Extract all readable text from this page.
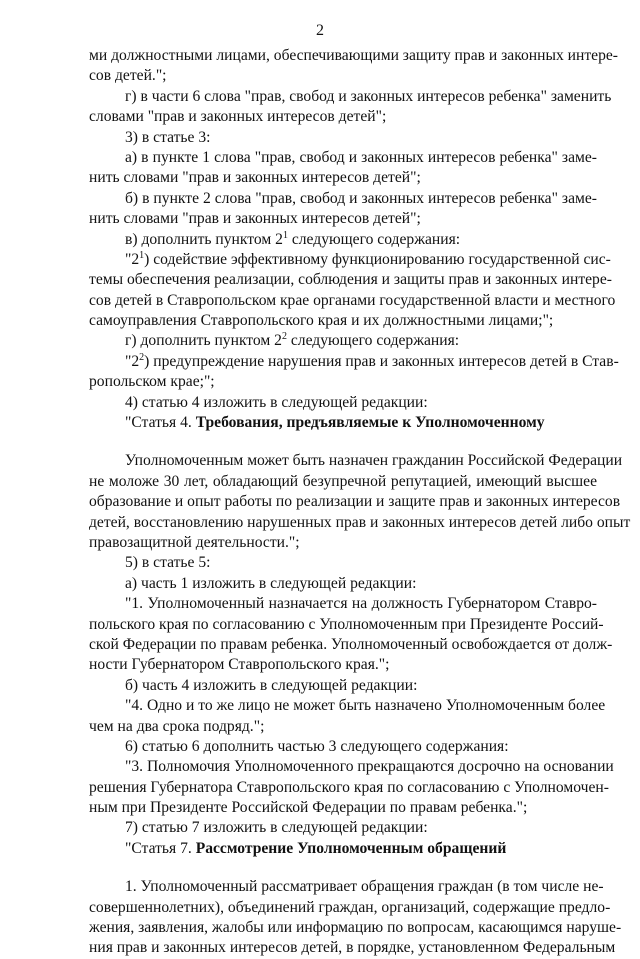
2
ми должностными лицами, обеспечивающими защиту прав и законных интере-
сов детей.";
г) в части 6 слова "прав, свобод и законных интересов ребенка" заменить
словами "прав и законных интересов детей";
3) в статье 3:
а) в пункте 1 слова "прав, свобод и законных интересов ребенка" заме-
нить словами "прав и законных интересов детей";
б) в пункте 2 слова "прав, свобод и законных интересов ребенка" заме-
нить словами "прав и законных интересов детей";
в) дополнить пунктом $2^1$ следующего содержания:
"$2^1$) содействие эффективному функционированию государственной сис-
темы обеспечения реализации, соблюдения и защиты прав и законных интере-
сов детей в Ставропольском крае органами государственной власти и местного
самоуправления Ставропольского края и их должностными лицами;";
г) дополнить пунктом $2^2$ следующего содержания:
"$2^2$) предупреждение нарушения прав и законных интересов детей в Став-
ропольском крае;";
4) статью 4 изложить в следующей редакции:
"Статья 4. Требования, предъявляемые к Уполномоченному
Уполномоченным может быть назначен гражданин Российской Федерации
не моложе 30 лет, обладающий безупречной репутацией, имеющий высшее
образование и опыт работы по реализации и защите прав и законных интересов
детей, восстановлению нарушенных прав и законных интересов детей либо опыт
правозащитной деятельности.";
5) в статье 5:
а) часть 1 изложить в следующей редакции:
"1. Уполномоченный назначается на должность Губернатором Ставро-
польского края по согласованию с Уполномоченным при Президенте Россий-
ской Федерации по правам ребенка. Уполномоченный освобождается от долж-
ности Губернатором Ставропольского края.";
б) часть 4 изложить в следующей редакции:
"4. Одно и то же лицо не может быть назначено Уполномоченным более
чем на два срока подряд.";
6) статью 6 дополнить частью 3 следующего содержания:
"3. Полномочия Уполномоченного прекращаются досрочно на основании
решения Губернатора Ставропольского края по согласованию с Уполномочен-
ным при Президенте Российской Федерации по правам ребенка.";
7) статью 7 изложить в следующей редакции:
"Статья 7. Рассмотрение Уполномоченным обращений
1. Уполномоченный рассматривает обращения граждан (в том числе не-
совершеннолетних), объединений граждан, организаций, содержащие предло-
жения, заявления, жалобы или информацию по вопросам, касающимся наруше-
ния прав и законных интересов детей, в порядке, установленном Федеральным
